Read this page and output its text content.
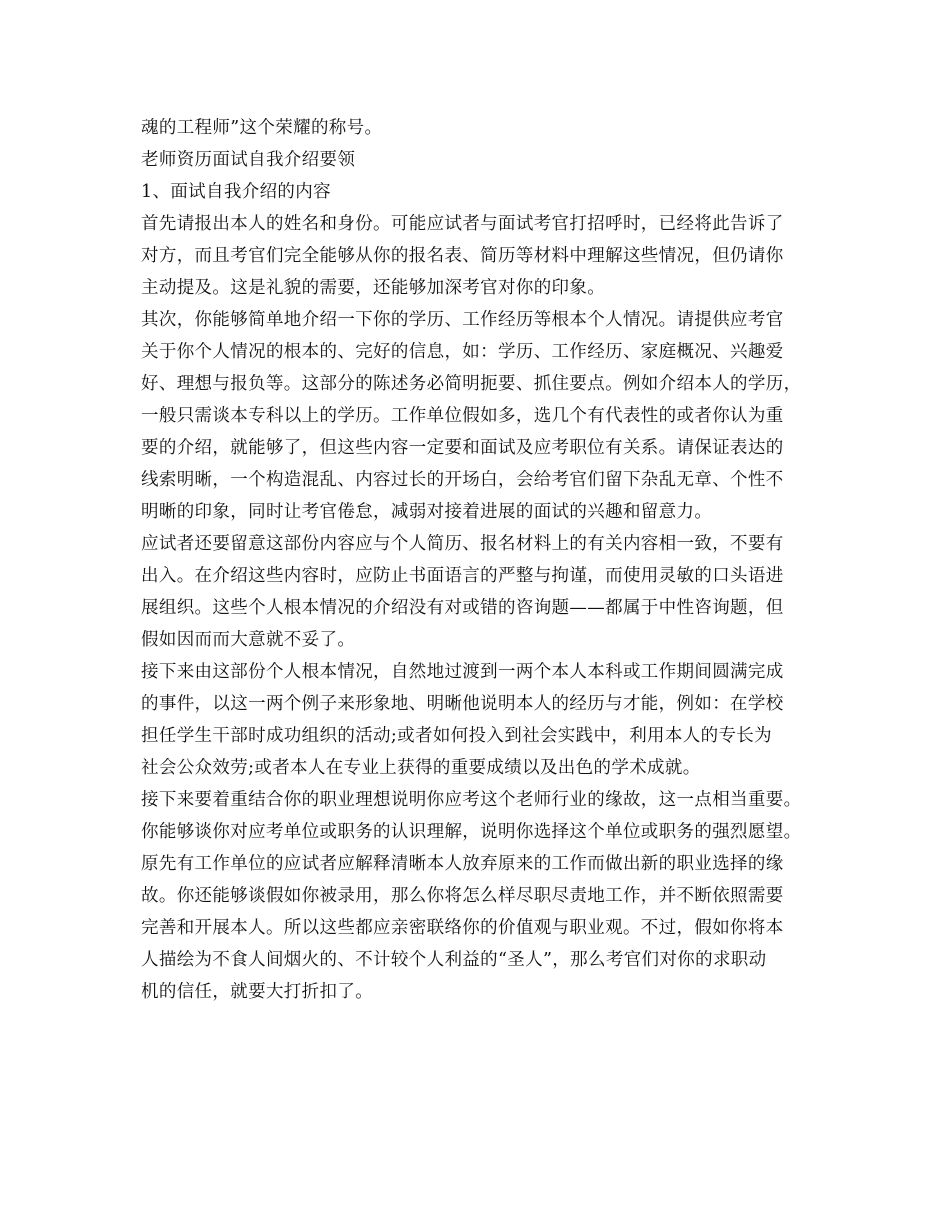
魂的工程师”这个荣耀的称号。
老师资历面试自我介绍要领
1、面试自我介绍的内容
首先请报出本人的姓名和身份。可能应试者与面试考官打招呼时，已经将此告诉了
对方，而且考官们完全能够从你的报名表、简历等材料中理解这些情况，但仍请你
主动提及。这是礼貌的需要，还能够加深考官对你的印象。
其次，你能够简单地介绍一下你的学历、工作经历等根本个人情况。请提供应考官
关于你个人情况的根本的、完好的信息，如：学历、工作经历、家庭概况、兴趣爱
好、理想与报负等。这部分的陈述务必简明扼要、抓住要点。例如介绍本人的学历，
一般只需谈本专科以上的学历。工作单位假如多，选几个有代表性的或者你认为重
要的介绍，就能够了，但这些内容一定要和面试及应考职位有关系。请保证表达的
线索明晰，一个构造混乱、内容过长的开场白，会给考官们留下杂乱无章、个性不
明晰的印象，同时让考官倦怠，减弱对接着进展的面试的兴趣和留意力。
应试者还要留意这部份内容应与个人简历、报名材料上的有关内容相一致，不要有
出入。在介绍这些内容时，应防止书面语言的严整与拘谨，而使用灵敏的口头语进
展组织。这些个人根本情况的介绍没有对或错的咨询题——都属于中性咨询题，但
假如因而而大意就不妥了。
接下来由这部份个人根本情况，自然地过渡到一两个本人本科或工作期间圆满完成
的事件，以这一两个例子来形象地、明晰他说明本人的经历与才能，例如：在学校
担任学生干部时成功组织的活动;或者如何投入到社会实践中，利用本人的专长为
社会公众效劳;或者本人在专业上获得的重要成绩以及出色的学术成就。
接下来要着重结合你的职业理想说明你应考这个老师行业的缘故，这一点相当重要。
你能够谈你对应考单位或职务的认识理解，说明你选择这个单位或职务的强烈愿望。
原先有工作单位的应试者应解释清晰本人放弃原来的工作而做出新的职业选择的缘
故。你还能够谈假如你被录用，那么你将怎么样尽职尽责地工作，并不断依照需要
完善和开展本人。所以这些都应亲密联络你的价值观与职业观。不过，假如你将本
人描绘为不食人间烟火的、不计较个人利益的“圣人”，那么考官们对你的求职动
机的信任，就要大打折扣了。
